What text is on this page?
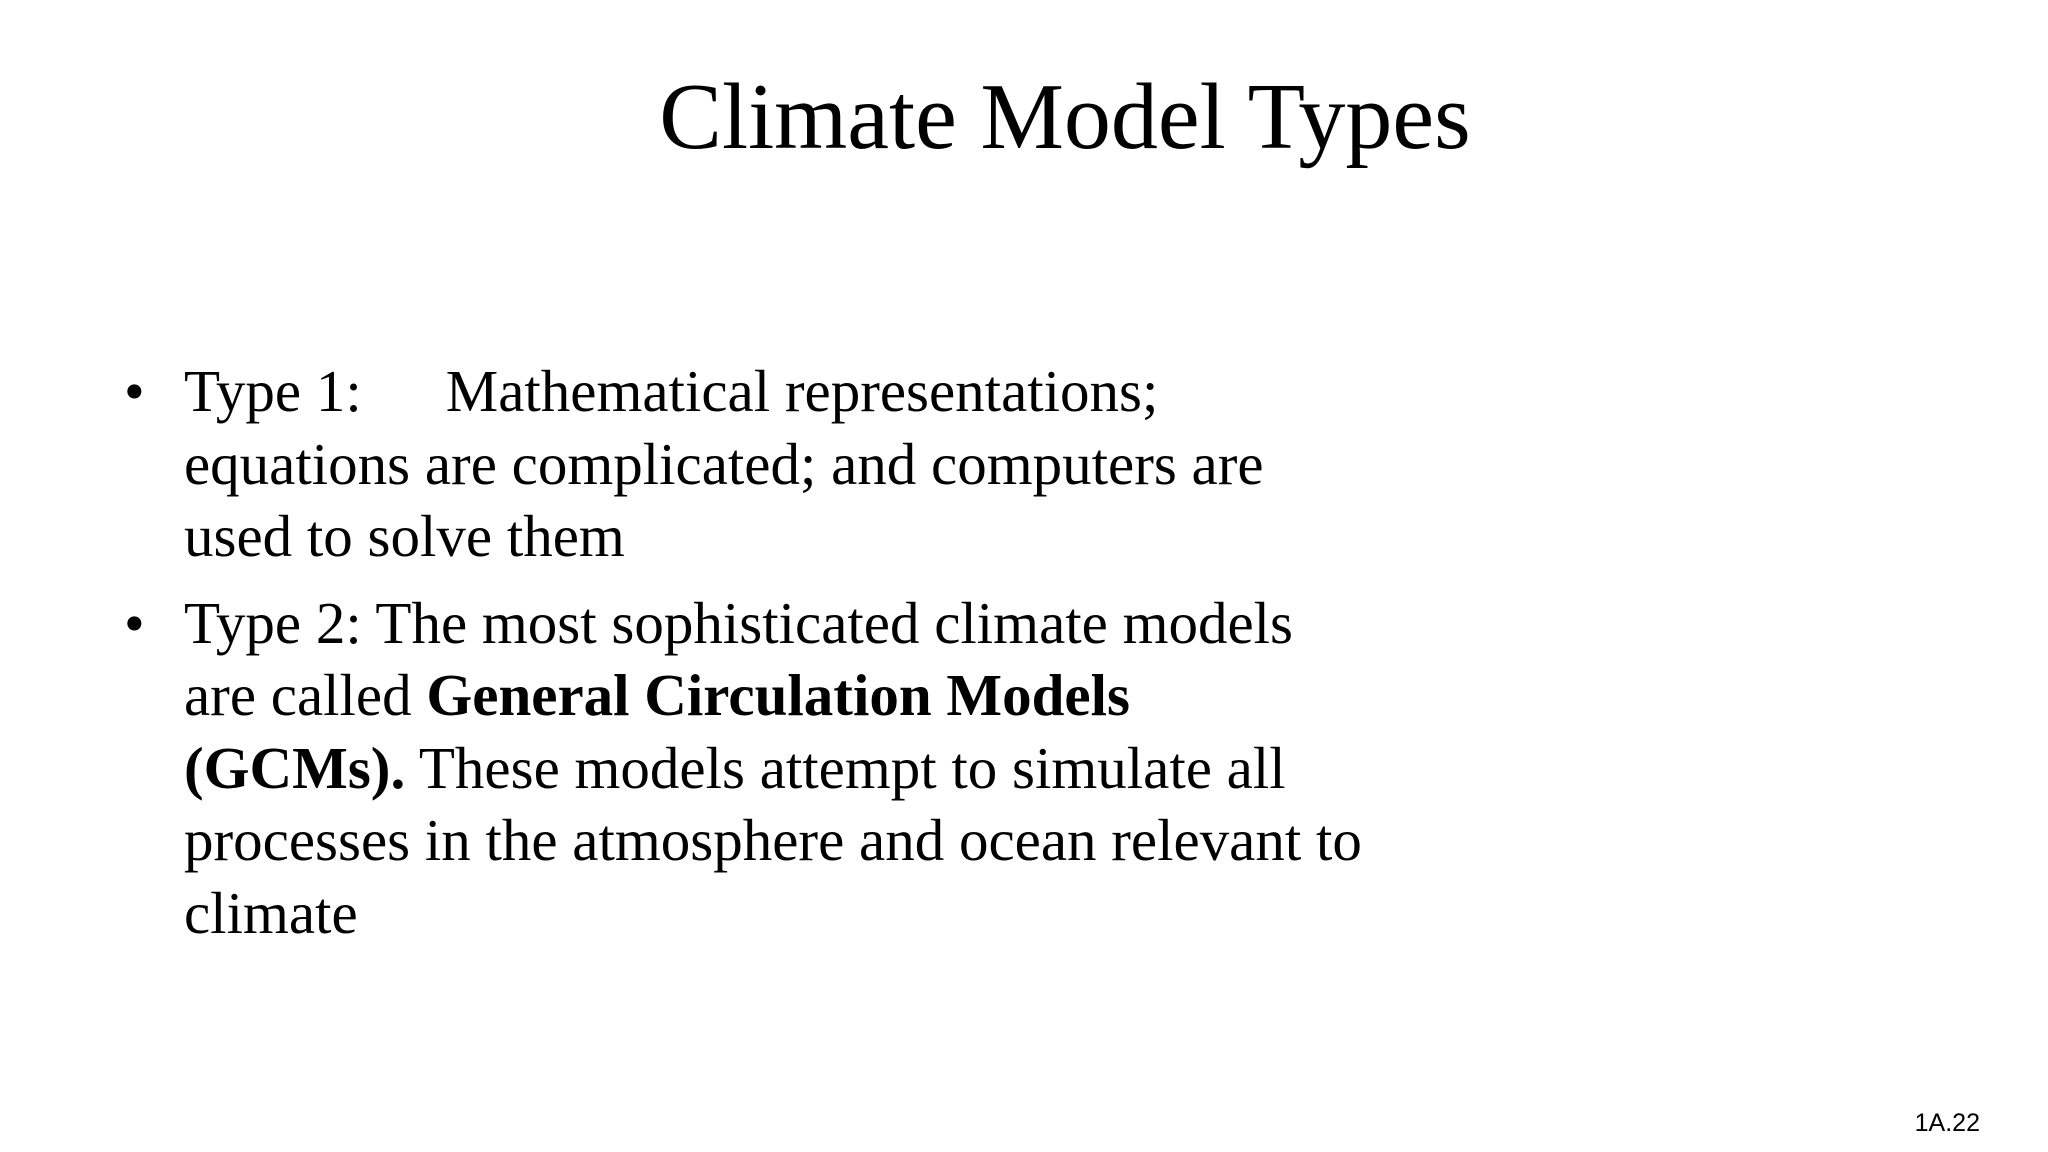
Climate Model Types
• Type 1: Mathematical representations; equations are complicated; and computers are used to solve them
• Type 2: The most sophisticated climate models are called General Circulation Models (GCMs). These models attempt to simulate all processes in the atmosphere and ocean relevant to climate
1A.22
